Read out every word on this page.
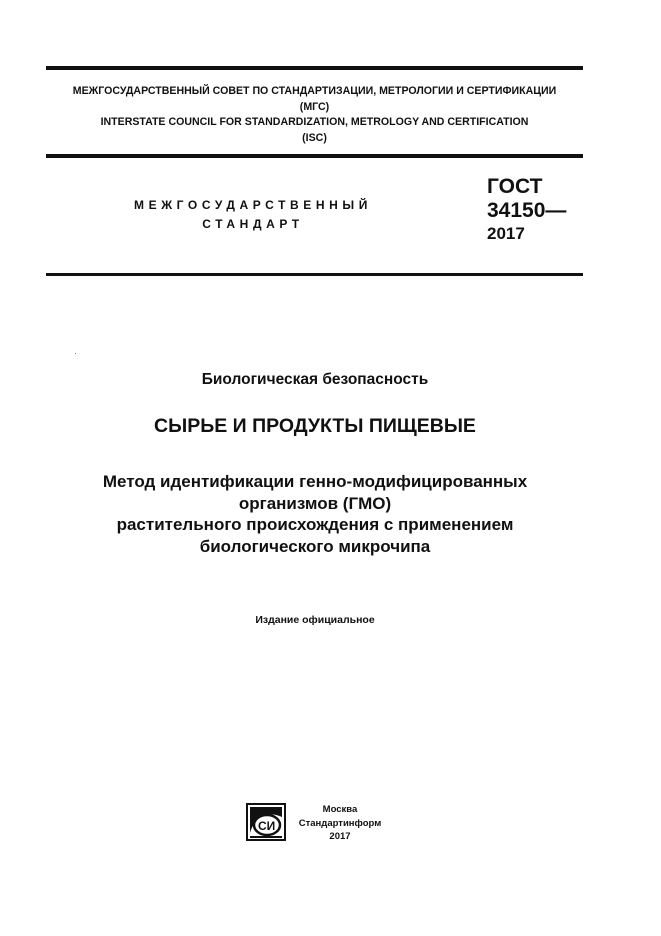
МЕЖГОСУДАРСТВЕННЫЙ СОВЕТ ПО СТАНДАРТИЗАЦИИ, МЕТРОЛОГИИ И СЕРТИФИКАЦИИ
(МГС)
INTERSTATE COUNCIL FOR STANDARDIZATION, METROLOGY AND CERTIFICATION
(ISC)
МЕЖГОСУДАРСТВЕННЫЙ
СТАНДАРТ
ГОСТ
34150—
2017
Биологическая безопасность
СЫРЬЕ И ПРОДУКТЫ ПИЩЕВЫЕ
Метод идентификации генно-модифицированных
организмов (ГМО)
растительного происхождения с применением
биологического микрочипа
Издание официальное
СИ
Москва
Стандартинформ
2017
